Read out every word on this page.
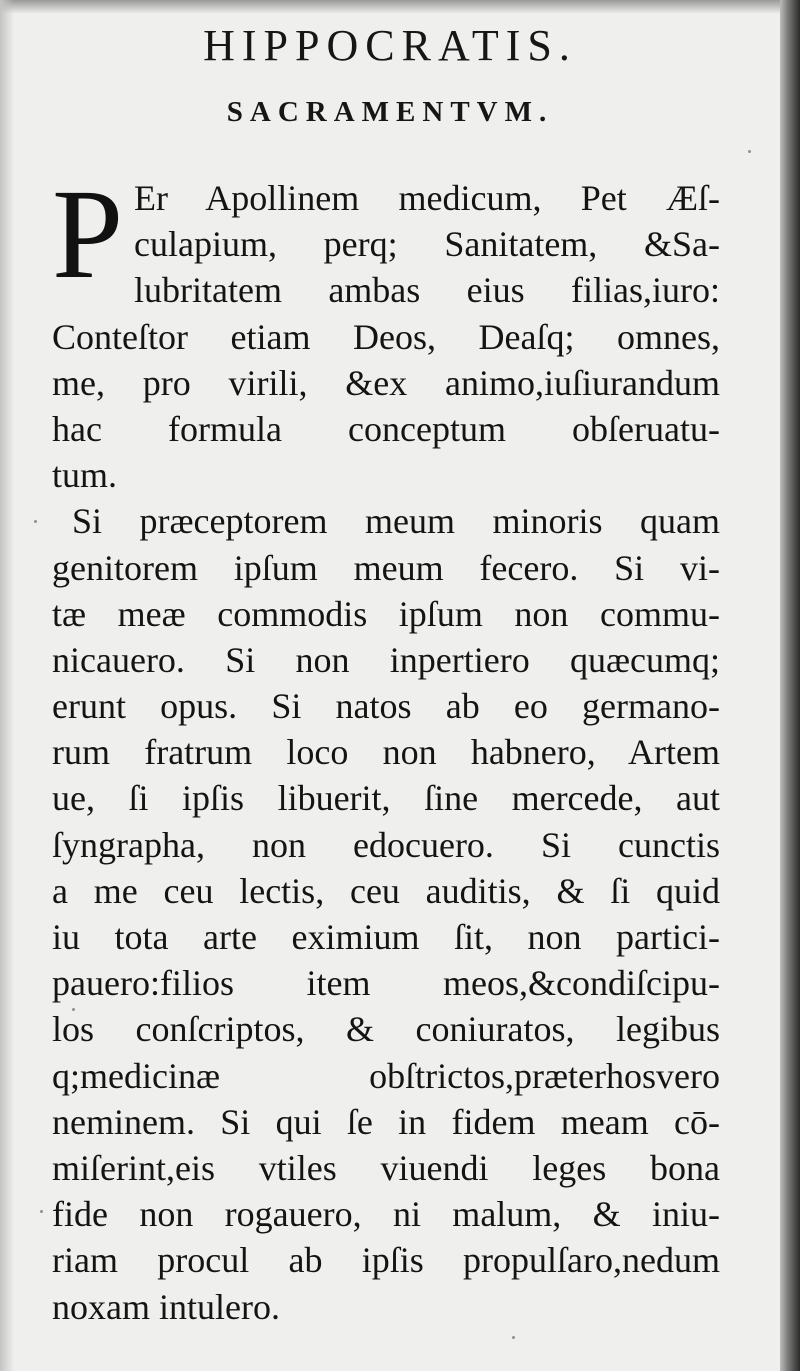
HIPPOCRATIS.
SACRAMENTVM.
P Er Apollinem medicum, Pet Æſ-
culapium, perq; Sanitatem, &Sa-
lubritatem ambas eius filias,iuro:
Conteſtor etiam Deos, Deaſq; omnes,
me, pro virili, &ex animo,iuſiurandum
hac formula conceptum obſeruatu-
tum.
Si præceptorem meum minoris quam
genitorem ipſum meum fecero. Si vi-
tæ meæ commodis ipſum non commu-
nicauero. Si non inpertiero quæcumq;
erunt opus. Si natos ab eo germano-
rum fratrum loco non habnero, Artem
ue, ſi ipſis libuerit, ſine mercede, aut
ſyngrapha, non edocuero. Si cunctis
a me ceu lectis, ceu auditis, & ſi quid
iu tota arte eximium ſit, non partici-
pauero:filios item meos,&condiſcipu-
los conſcriptos, & coniuratos, legibus
q;medicinæ obſtrictos,præterhosvero
neminem. Si qui ſe in fidem meam cō-
miſerint,eis vtiles viuendi leges bona
fide non rogauero, ni malum, & iniu-
riam procul ab ipſis propulſaro,nedum
noxam intulero.
